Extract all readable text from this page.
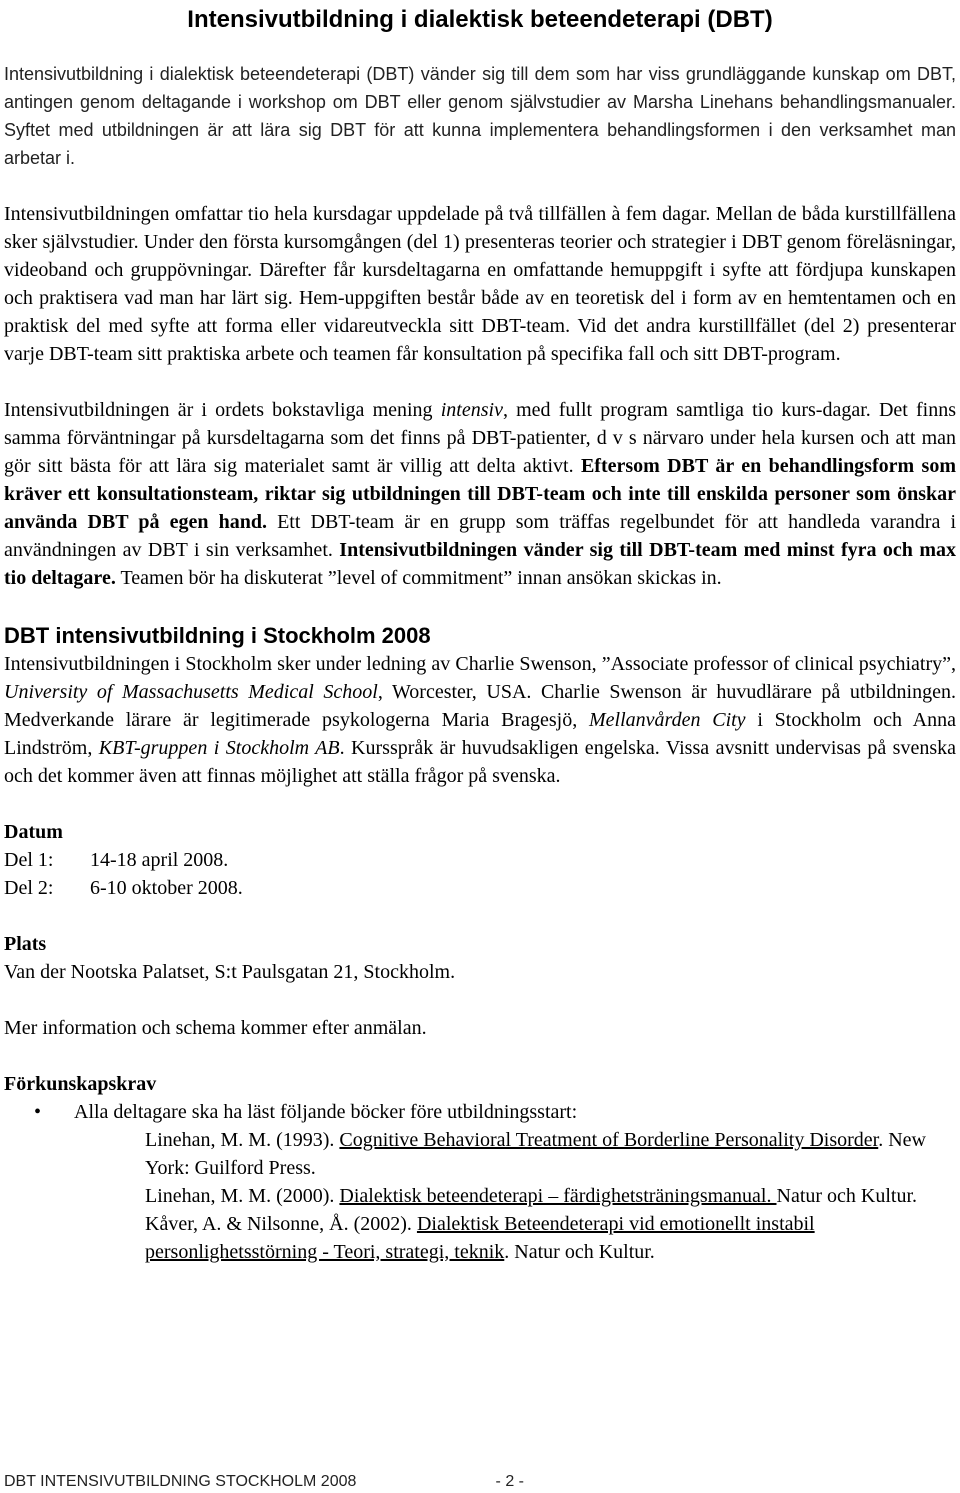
Intensivutbildning i dialektisk beteendeterapi (DBT)

Intensivutbildning i dialektisk beteendeterapi (DBT) vänder sig till dem som har viss grundläggande kunskap om DBT, antingen genom deltagande i workshop om DBT eller genom självstudier av Marsha Linehans behandlingsmanualer. Syftet med utbildningen är att lära sig DBT för att kunna implementera behandlingsformen i den verksamhet man arbetar i.

Intensivutbildningen omfattar tio hela kursdagar uppdelade på två tillfällen à fem dagar. Mellan de båda kurstillfällena sker självstudier. Under den första kursomgången (del 1) presenteras teorier och strategier i DBT genom föreläsningar, videoband och gruppövningar. Därefter får kursdeltagarna en omfattande hemuppgift i syfte att fördjupa kunskapen och praktisera vad man har lärt sig. Hem-uppgiften består både av en teoretisk del i form av en hemtentamen och en praktisk del med syfte att forma eller vidareutveckla sitt DBT-team. Vid det andra kurstillfället (del 2) presenterar varje DBT-team sitt praktiska arbete och teamen får konsultation på specifika fall och sitt DBT-program.

Intensivutbildningen är i ordets bokstavliga mening intensiv, med fullt program samtliga tio kurs-dagar. Det finns samma förväntningar på kursdeltagarna som det finns på DBT-patienter, d v s närvaro under hela kursen och att man gör sitt bästa för att lära sig materialet samt är villig att delta aktivt. Eftersom DBT är en behandlingsform som kräver ett konsultationsteam, riktar sig utbildningen till DBT-team och inte till enskilda personer som önskar använda DBT på egen hand. Ett DBT-team är en grupp som träffas regelbundet för att handleda varandra i användningen av DBT i sin verksamhet. Intensivutbildningen vänder sig till DBT-team med minst fyra och max tio deltagare. Teamen bör ha diskuterat ”level of commitment” innan ansökan skickas in.

DBT intensivutbildning i Stockholm 2008

Intensivutbildningen i Stockholm sker under ledning av Charlie Swenson, ”Associate professor of clinical psychiatry”, University of Massachusetts Medical School, Worcester, USA. Charlie Swenson är huvudlärare på utbildningen. Medverkande lärare är legitimerade psykologerna Maria Bragesjö, Mellanvården City i Stockholm och Anna Lindström, KBT-gruppen i Stockholm AB. Kursspråk är huvudsakligen engelska. Vissa avsnitt undervisas på svenska och det kommer även att finnas möjlighet att ställa frågor på svenska.

Datum
Del 1:	14-18 april 2008.
Del 2:	6-10 oktober 2008.
Plats

Van der Nootska Palatset, S:t Paulsgatan 21, Stockholm.

Mer information och schema kommer efter anmälan.

Förkunskapskrav
•	Alla deltagare ska ha läst följande böcker före utbildningsstart:
Linehan, M. M. (1993). Cognitive Behavioral Treatment of Borderline Personality Disorder. New York: Guilford Press.
Linehan, M. M. (2000). Dialektisk beteendeterapi – färdighetsträningsmanual. Natur och Kultur.
Kåver, A. & Nilsonne, Å. (2002). Dialektisk Beteendeterapi vid emotionellt instabil personlighetsstörning - Teori, strategi, teknik. Natur och Kultur.
DBT INTENSIVUTBILDNING STOCKHOLM 2008	- 2 -
